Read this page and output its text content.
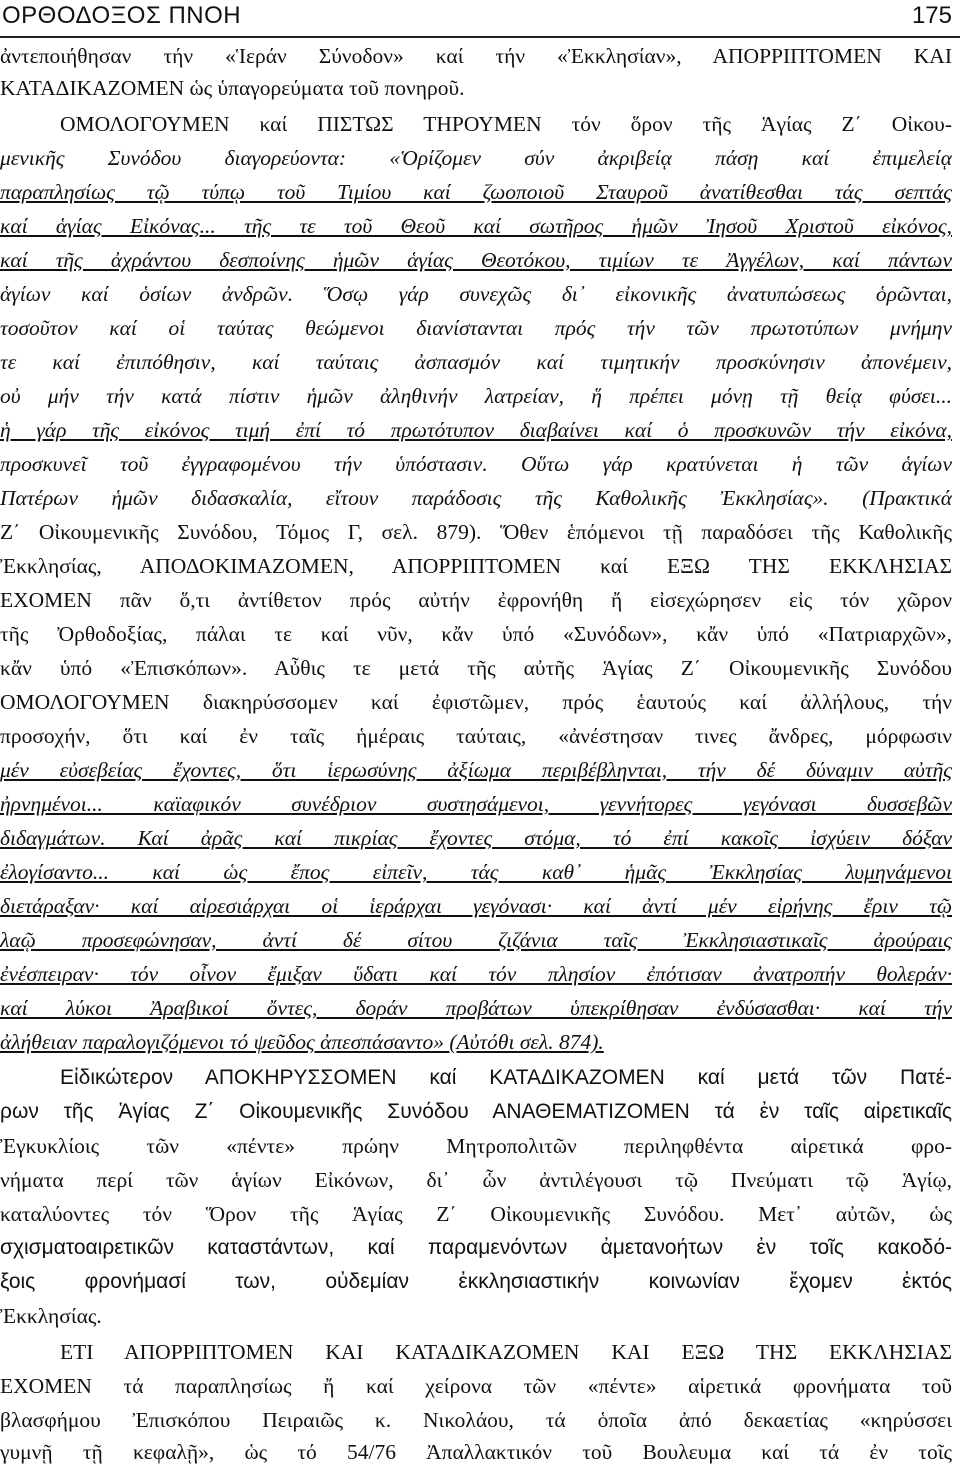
ΟΡΘΟΔΟΞΟΣ ΠΝΟΗ	175
ἀντεποιήθησαν τήν «Ἱεράν Σύνοδον» καί τήν «Ἐκκλησίαν», ΑΠΟΡΡΙΠΤΟΜΕΝ ΚΑΙ
ΚΑΤΑΔΙΚΑΖΟΜΕΝ ὡς ὑπαγορεύματα τοῦ πονηροῦ.
ΟΜΟΛΟΓΟΥΜΕΝ καί ΠΙΣΤΩΣ ΤΗΡΟΥΜΕΝ τόν ὅρον τῆς Ἁγίας Ζ΄ Οἰκου-
μενικῆς Συνόδου διαγορεύοντα: «Ὁρίζομεν σύν ἀκριβείᾳ πάσῃ καί ἐπιμελείᾳ
παραπλησίως τῷ τύπῳ τοῦ Τιμίου καί ζωοποιοῦ Σταυροῦ ἀνατίθεσθαι τάς σεπτάς
καί ἁγίας Εἰκόνας... τῆς τε τοῦ Θεοῦ καί σωτῆρος ἡμῶν Ἰησοῦ Χριστοῦ εἰκόνος,
καί τῆς ἀχράντου δεσποίνης ἡμῶν ἁγίας Θεοτόκου, τιμίων τε Ἀγγέλων, καί πάντων
ἁγίων καί ὁσίων ἀνδρῶν. Ὅσῳ γάρ συνεχῶς δι᾽ εἰκονικῆς ἀνατυπώσεως ὁρῶνται,
τοσοῦτον καί οἱ ταύτας θεώμενοι διανίστανται πρός τήν τῶν πρωτοτύπων μνήμην
τε καί ἐπιπόθησιν, καί ταύταις ἀσπασμόν καί τιμητικήν προσκύνησιν ἀπονέμειν,
οὐ μήν τήν κατά πίστιν ἡμῶν ἀληθινήν λατρείαν, ἥ πρέπει μόνῃ τῇ θείᾳ φύσει...
ἡ γάρ τῆς εἰκόνος τιμή ἐπί τό πρωτότυπον διαβαίνει καί ὁ προσκυνῶν τήν εἰκόνα,
προσκυνεῖ τοῦ ἐγγραφομένου τήν ὑπόστασιν. Οὕτω γάρ κρατύνεται ἡ τῶν ἁγίων
Πατέρων ἡμῶν διδασκαλία, εἴτουν παράδοσις τῆς Καθολικῆς Ἐκκλησίας». (Πρακτικά
Ζ΄ Οἰκουμενικῆς Συνόδου, Τόμος Γ, σελ. 879). Ὅθεν ἑπόμενοι τῇ παραδόσει τῆς Καθολικῆς
Ἐκκλησίας, ΑΠΟΔΟΚΙΜΑΖΟΜΕΝ, ΑΠΟΡΡΙΠΤΟΜΕΝ καί ΕΞΩ ΤΗΣ ΕΚΚΛΗΣΙΑΣ
ΕΧΟΜΕΝ πᾶν ὅ,τι ἀντίθετον πρός αὐτήν ἐφρονήθη ἤ εἰσεχώρησεν εἰς τόν χῶρον
τῆς Ὀρθοδοξίας, πάλαι τε καί νῦν, κἄν ὑπό «Συνόδων», κἄν ὑπό «Πατριαρχῶν»,
κἄν ὑπό «Ἐπισκόπων». Αὖθις τε μετά τῆς αὐτῆς Ἁγίας Ζ΄ Οἰκουμενικῆς Συνόδου
ΟΜΟΛΟΓΟΥΜΕΝ διακηρύσσομεν καί ἐφιστῶμεν, πρός ἑαυτούς καί ἀλλήλους, τήν
προσοχήν, ὅτι καί ἐν ταῖς ἡμέραις ταύταις, «ἀνέστησαν τινες ἄνδρες, μόρφωσιν
μέν εὐσεβείας ἔχοντες, ὅτι ἱερωσύνης ἀξίωμα περιβέβληνται, τήν δέ δύναμιν αὐτῆς
ἠρνημένοι... καϊαφικόν συνέδριον συστησάμενοι, γεννήτορες γεγόνασι δυσσεβῶν
διδαγμάτων. Καί ἀρᾶς καί πικρίας ἔχοντες στόμα, τό ἐπί κακοῖς ἰσχύειν δόξαν
ἐλογίσαντο... καί ὡς ἔπος εἰπεῖν, τάς καθ᾽ ἡμᾶς Ἐκκλησίας λυμηνάμενοι
διετάραξαν· καί αἱρεσιάρχαι οἱ ἱεράρχαι γεγόνασι· καί ἀντί μέν εἰρήνης ἔριν τῷ
λαῷ προσεφώνησαν, ἀντί δέ σίτου ζιζάνια ταῖς Ἐκκλησιαστικαῖς ἀρούραις
ἐνέσπειραν· τόν οἶνον ἔμιξαν ὕδατι καί τόν πλησίον ἐπότισαν ἀνατροπήν θολεράν·
καί λύκοι Ἀραβικοί ὄντες, δοράν προβάτων ὑπεκρίθησαν ἐνδύσασθαι· καί τήν
ἀλήθειαν παραλογιζόμενοι τό ψεῦδος ἀπεσπάσαντο» (Αὐτόθι σελ. 874).
Εἰδικώτερον ΑΠΟΚΗΡΥΣΣΟΜΕΝ καί ΚΑΤΑΔΙΚΑΖΟΜΕΝ καί μετά τῶν Πατέ-
ρων τῆς Ἁγίας Ζ΄ Οἰκουμενικῆς Συνόδου ΑΝΑΘΕΜΑΤΙΖΟΜΕΝ τά ἐν ταῖς αἱρετικαῖς
Ἐγκυκλίοις τῶν «πέντε» πρώην Μητροπολιτῶν περιληφθέντα αἱρετικά φρο-
νήματα περί τῶν ἁγίων Εἰκόνων, δι᾽ ὧν ἀντιλέγουσι τῷ Πνεύματι τῷ Ἁγίῳ,
καταλύοντες τόν Ὅρον τῆς Ἁγίας Ζ΄ Οἰκουμενικῆς Συνόδου. Μετ᾽ αὐτῶν, ὡς
σχισματοαιρετικῶν καταστάντων, καί παραμενόντων ἀμετανοήτων ἐν τοῖς κακοδό-
ξοις φρονήμασί των, οὐδεμίαν ἐκκλησιαστικήν κοινωνίαν ἔχομεν ἐκτός
Ἐκκλησίας.
ΕΤΙ ΑΠΟΡΡΙΠΤΟΜΕΝ ΚΑΙ ΚΑΤΑΔΙΚΑΖΟΜΕΝ ΚΑΙ ΕΞΩ ΤΗΣ ΕΚΚΛΗΣΙΑΣ
ΕΧΟΜΕΝ τά παραπλησίως ἤ καί χείρονα τῶν «πέντε» αἱρετικά φρονήματα τοῦ
βλασφήμου Ἐπισκόπου Πειραιῶς κ. Νικολάου, τά ὁποῖα ἀπό δεκαετίας «κηρύσσει
γυμνῇ τῇ κεφαλῇ», ὡς τό 54/76 Ἀπαλλακτικόν τοῦ Βουλευμα καί τά ἐν τοῖς
